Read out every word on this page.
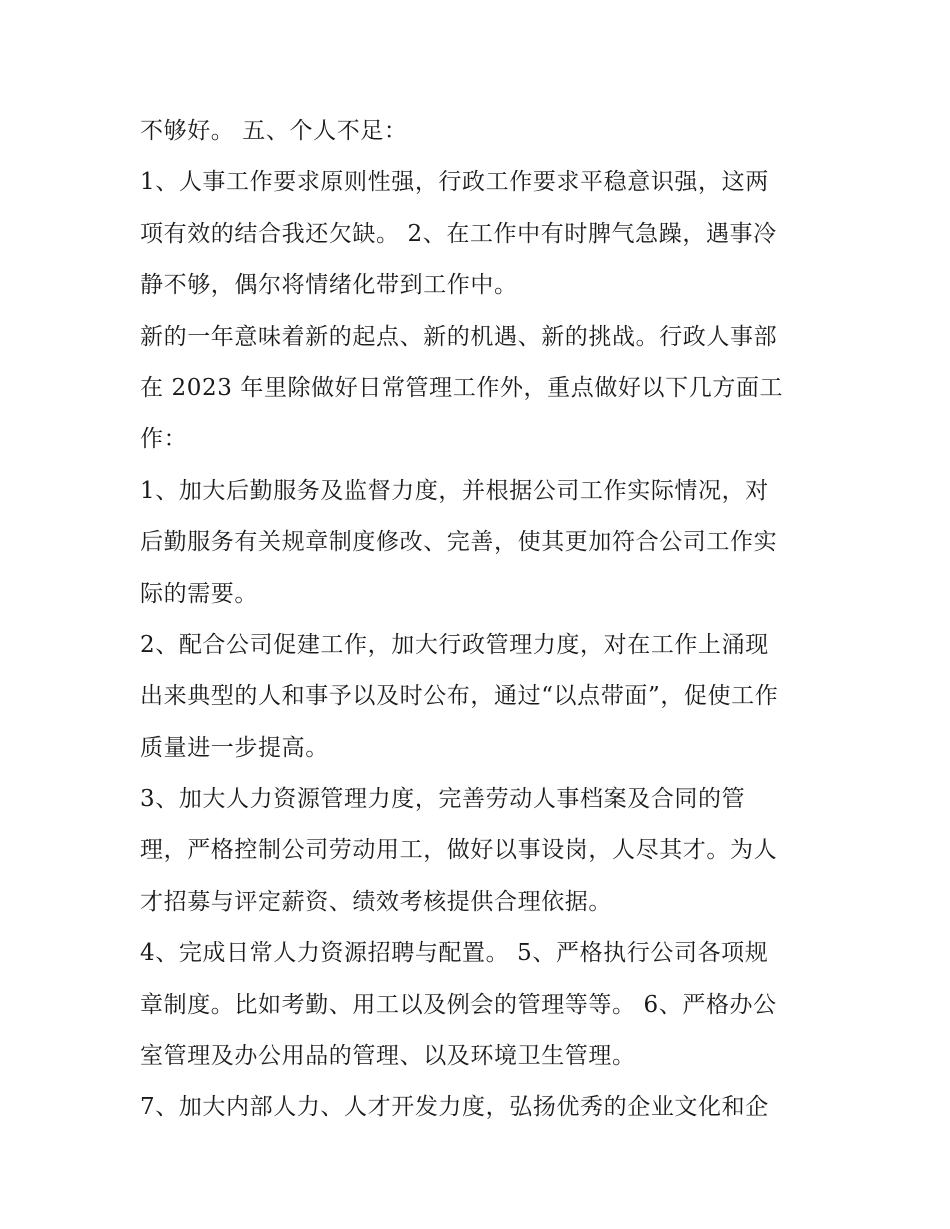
不够好。 五、个人不足：
1、人事工作要求原则性强，行政工作要求平稳意识强，这两
项有效的结合我还欠缺。 2、在工作中有时脾气急躁，遇事冷
静不够，偶尔将情绪化带到工作中。
新的一年意味着新的起点、新的机遇、新的挑战。行政人事部
在 2023 年里除做好日常管理工作外，重点做好以下几方面工
作：
1、加大后勤服务及监督力度，并根据公司工作实际情况，对
后勤服务有关规章制度修改、完善，使其更加符合公司工作实
际的需要。
2、配合公司促建工作，加大行政管理力度，对在工作上涌现
出来典型的人和事予以及时公布，通过“以点带面”，促使工作
质量进一步提高。
3、加大人力资源管理力度，完善劳动人事档案及合同的管
理，严格控制公司劳动用工，做好以事设岗，人尽其才。为人
才招募与评定薪资、绩效考核提供合理依据。
4、完成日常人力资源招聘与配置。 5、严格执行公司各项规
章制度。比如考勤、用工以及例会的管理等等。 6、严格办公
室管理及办公用品的管理、以及环境卫生管理。
7、加大内部人力、人才开发力度，弘扬优秀的企业文化和企
